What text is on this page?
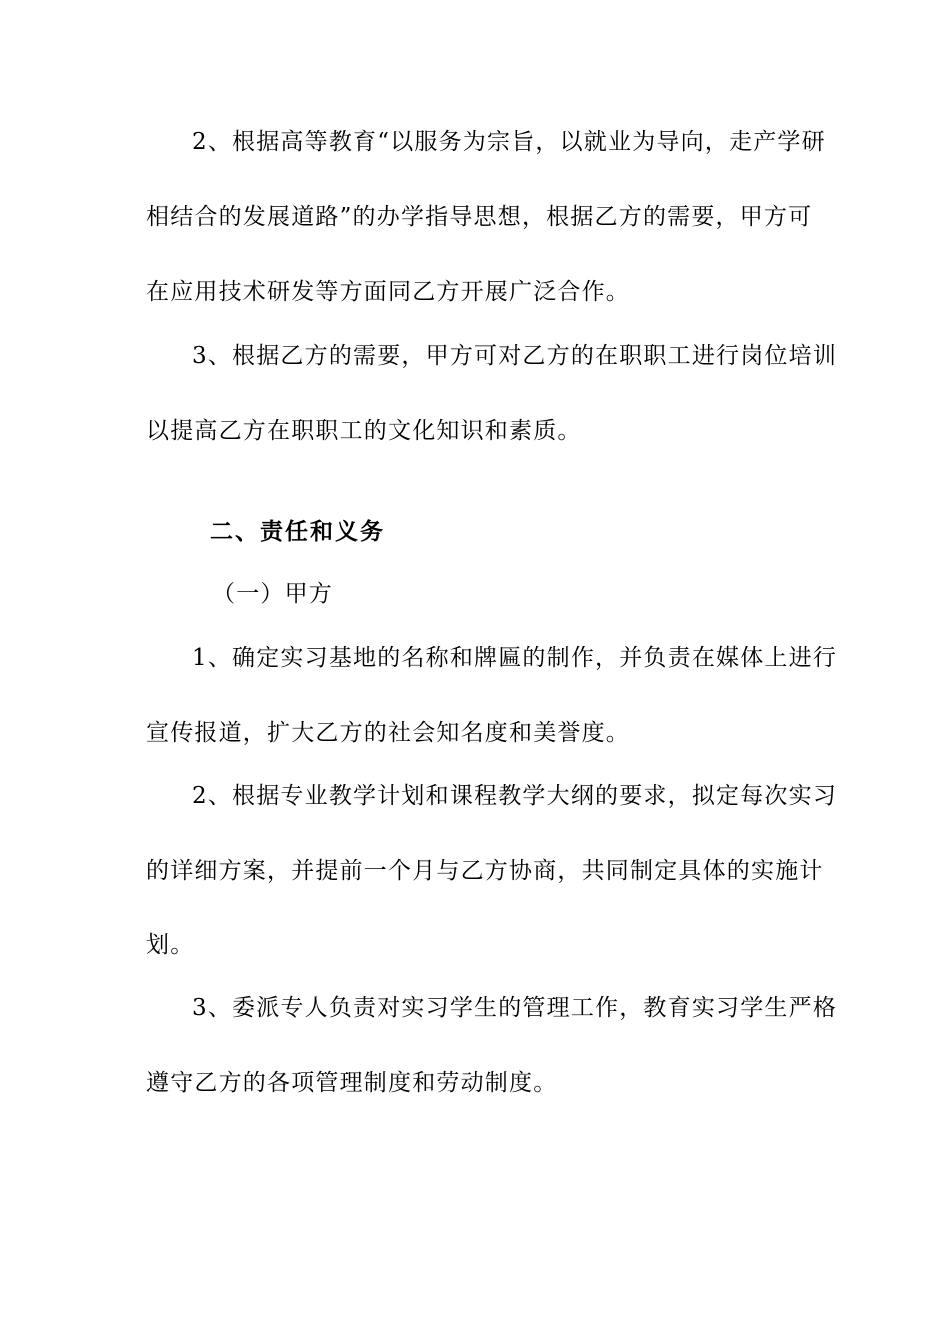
2、根据高等教育“以服务为宗旨，以就业为导向，走产学研
相结合的发展道路”的办学指导思想，根据乙方的需要，甲方可
在应用技术研发等方面同乙方开展广泛合作。
3、根据乙方的需要，甲方可对乙方的在职职工进行岗位培训
以提高乙方在职职工的文化知识和素质。
二、责任和义务
（一）甲方
1、确定实习基地的名称和牌匾的制作，并负责在媒体上进行
宣传报道，扩大乙方的社会知名度和美誉度。
2、根据专业教学计划和课程教学大纲的要求，拟定每次实习
的详细方案，并提前一个月与乙方协商，共同制定具体的实施计
划。
3、委派专人负责对实习学生的管理工作，教育实习学生严格
遵守乙方的各项管理制度和劳动制度。
